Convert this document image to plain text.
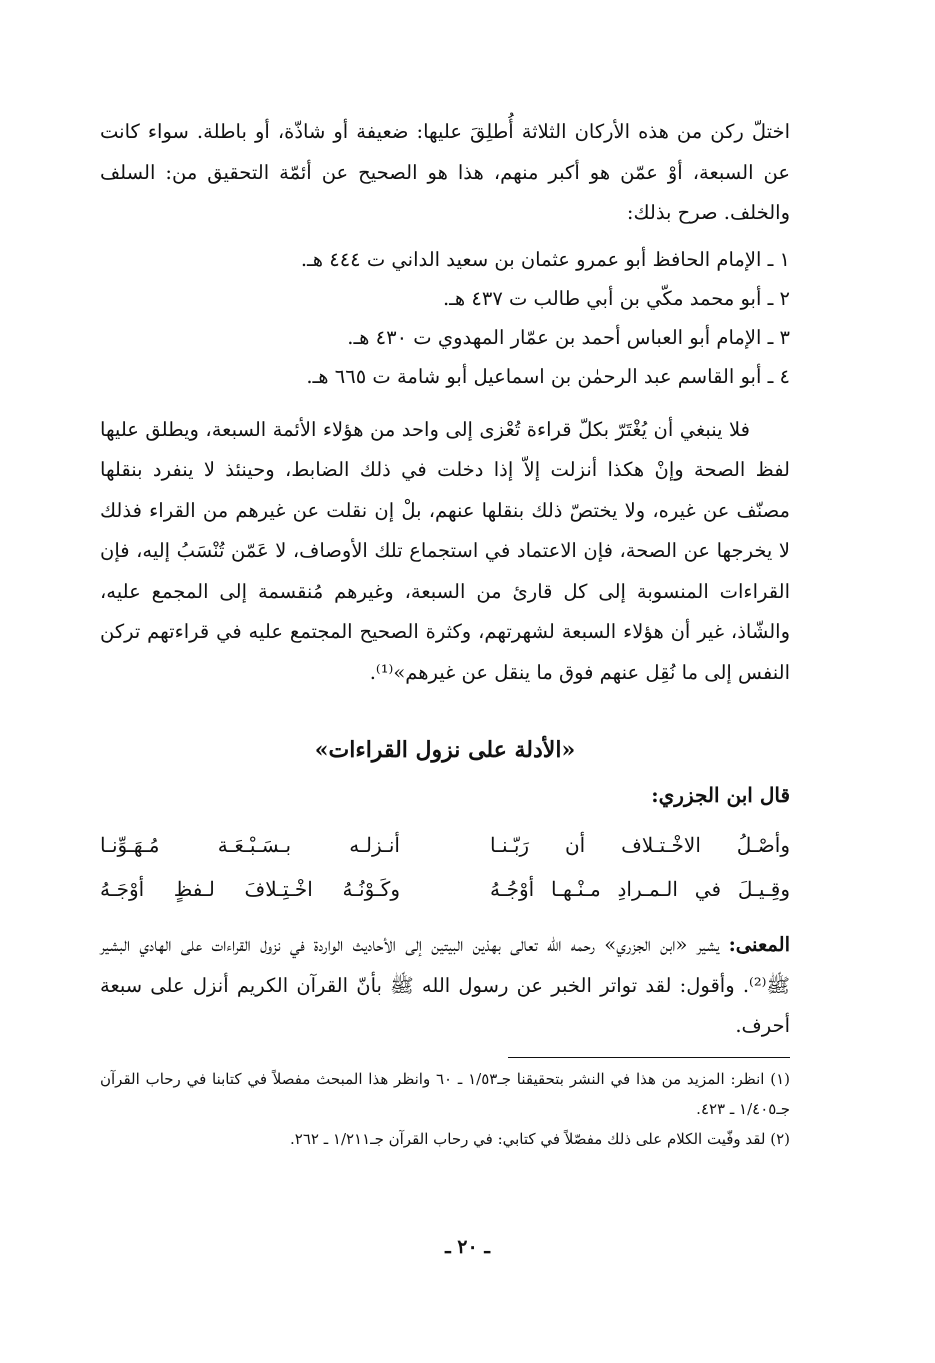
اختلّ ركن من هذه الأركان الثلاثة أُطلِقَ عليها: ضعيفة أو شاذّة، أو باطلة. سواء كانت عن السبعة، أوْ عمّن هو أكبر منهم، هذا هو الصحيح عن أئمّة التحقيق من: السلف والخلف. صرح بذلك:

١ ـ الإمام الحافظ أبو عمرو عثمان بن سعيد الداني ت ٤٤٤ هـ.
٢ ـ أبو محمد مكّي بن أبي طالب ت ٤٣٧ هـ.
٣ ـ الإمام أبو العباس أحمد بن عمّار المهدوي ت ٤٣٠ هـ.
٤ ـ أبو القاسم عبد الرحمٰن بن اسماعيل أبو شامة ت ٦٦٥ هـ.

فلا ينبغي أن يُغْتَرّ بكلّ قراءة تُعْزى إلى واحد من هؤلاء الأئمة السبعة، ويطلق عليها لفظ الصحة وإنْ هكذا أنزلت إلاّ إذا دخلت في ذلك الضابط، وحينئذ لا ينفرد بنقلها مصنّف عن غيره، ولا يختصّ ذلك بنقلها عنهم، بلْ إن نقلت عن غيرهم من القراء فذلك لا يخرجها عن الصحة، فإن الاعتماد في استجماع تلك الأوصاف، لا عَمّن تُنْسَبُ إليه، فإن القراءات المنسوبة إلى كل قارئ من السبعة، وغيرهم مُنقسمة إلى المجمع عليه، والشّاذ، غير أن هؤلاء السبعة لشهرتهم، وكثرة الصحيح المجتمع عليه في قراءتهم تركن النفس إلى ما نُقِل عنهم فوق ما ينقل عن غيرهم»⁽¹⁾.

«الأدلة على نزول القراءات»

قال ابن الجزري:

وأصْـلُ الاخْـتـلاف أن رَبّـنـا
أنـزلـه بـسَـبْـعَـة مُـهَـوِّنـا
وقِـيـلَ في الـمـرادِ مـنْـهـا أوْجُـهُ
وكَـوْنُـهُ اخْـتِـلافَ لـفظٍ أوْجَـهُ

المعنى: يشير «ابن الجزري» رحمه الله تعالى بهذين البيتين إلى الأحاديث الواردة في نزول القراءات على الهادي البشير ﷺ⁽²⁾. وأقول: لقد تواتر الخبر عن رسول الله ﷺ بأنّ القرآن الكريم أنزل على سبعة أحرف.

(١) انظر: المزيد من هذا في النشر بتحقيقنا جـ١/٥٣ ـ ٦٠ وانظر هذا المبحث مفصلاً في كتابنا في رحاب القرآن جـ١/٤٠٥ ـ ٤٢٣.

(٢) لقد وفّيت الكلام على ذلك مفصّلاً في كتابي: في رحاب القرآن جـ١/٢١١ ـ ٢٦٢.

ـ ٢٠ ـ
